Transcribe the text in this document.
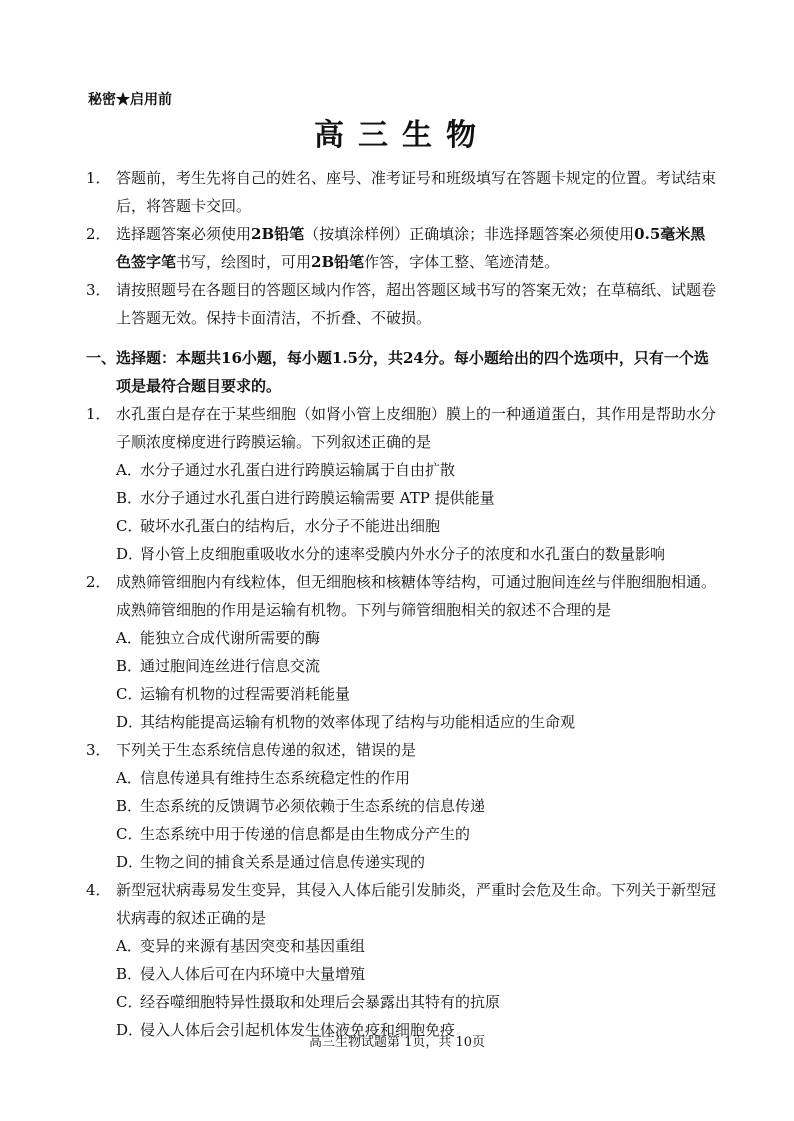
秘密★启用前
高三生物

1． 答题前，考生先将自己的姓名、座号、准考证号和班级填写在答题卡规定的位置。考试结束后，将答题卡交回。

2． 选择题答案必须使用2B铅笔（按填涂样例）正确填涂；非选择题答案必须使用0.5毫米黑色签字笔书写，绘图时，可用2B铅笔作答，字体工整、笔迹清楚。

3． 请按照题号在各题目的答题区域内作答，超出答题区域书写的答案无效；在草稿纸、试题卷上答题无效。保持卡面清洁，不折叠、不破损。

一、选择题：本题共16小题，每小题1.5分，共24分。每小题给出的四个选项中，只有一个选项是最符合题目要求的。

1． 水孔蛋白是存在于某些细胞（如肾小管上皮细胞）膜上的一种通道蛋白，其作用是帮助水分子顺浓度梯度进行跨膜运输。下列叙述正确的是

A．水分子通过水孔蛋白进行跨膜运输属于自由扩散
B．水分子通过水孔蛋白进行跨膜运输需要 ATP 提供能量
C．破坏水孔蛋白的结构后，水分子不能进出细胞
D．肾小管上皮细胞重吸收水分的速率受膜内外水分子的浓度和水孔蛋白的数量影响

2． 成熟筛管细胞内有线粒体，但无细胞核和核糖体等结构，可通过胞间连丝与伴胞细胞相通。成熟筛管细胞的作用是运输有机物。下列与筛管细胞相关的叙述不合理的是

A．能独立合成代谢所需要的酶
B．通过胞间连丝进行信息交流
C．运输有机物的过程需要消耗能量
D．其结构能提高运输有机物的效率体现了结构与功能相适应的生命观

3． 下列关于生态系统信息传递的叙述，错误的是

A．信息传递具有维持生态系统稳定性的作用
B．生态系统的反馈调节必须依赖于生态系统的信息传递
C．生态系统中用于传递的信息都是由生物成分产生的
D．生物之间的捕食关系是通过信息传递实现的

4． 新型冠状病毒易发生变异，其侵入人体后能引发肺炎，严重时会危及生命。下列关于新型冠状病毒的叙述正确的是

A．变异的来源有基因突变和基因重组
B．侵入人体后可在内环境中大量增殖
C．经吞噬细胞特异性摄取和处理后会暴露出其特有的抗原
D．侵入人体后会引起机体发生体液免疫和细胞免疫
高三生物试题第 1页，共 10页
